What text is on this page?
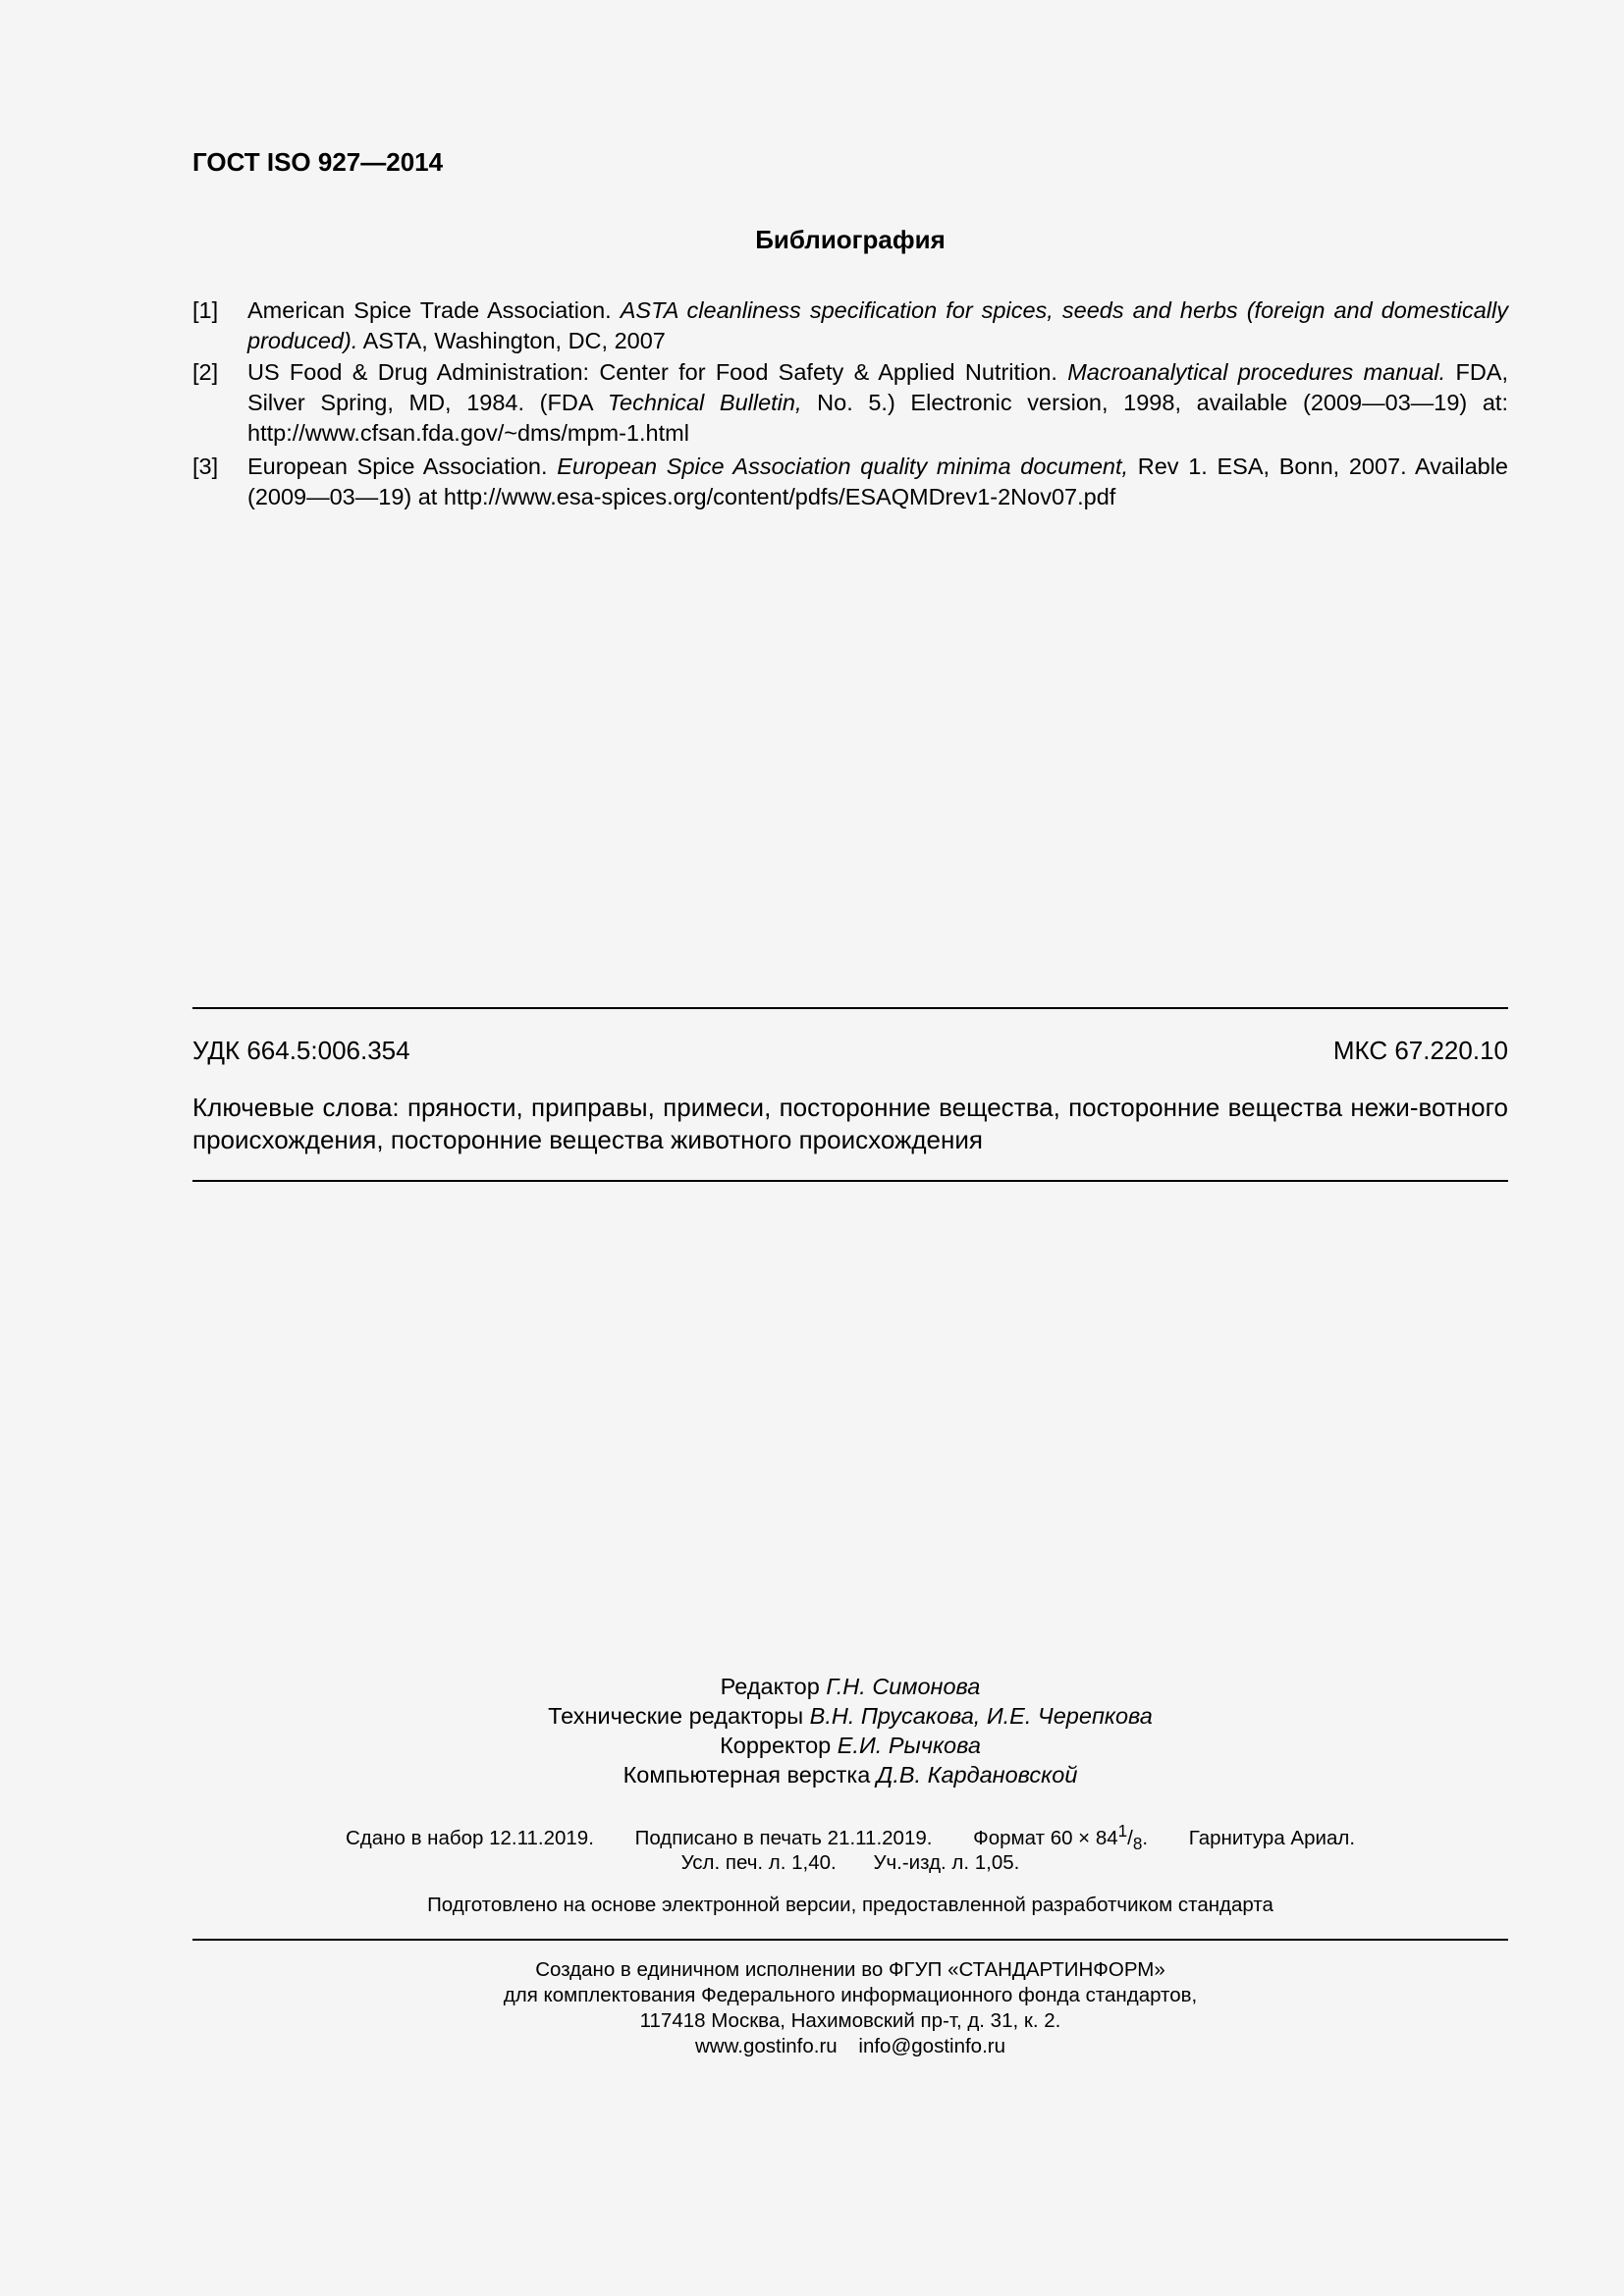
ГОСТ ISO 927—2014
Библиография
[1]	American Spice Trade Association. ASTA cleanliness specification for spices, seeds and herbs (foreign and domestically produced). ASTA, Washington, DC, 2007
[2]	US Food & Drug Administration: Center for Food Safety & Applied Nutrition. Macroanalytical procedures manual. FDA, Silver Spring, MD, 1984. (FDA Technical Bulletin, No. 5.) Electronic version, 1998, available (2009—03—19) at: http://www.cfsan.fda.gov/~dms/mpm-1.html
[3]	European Spice Association. European Spice Association quality minima document, Rev 1. ESA, Bonn, 2007. Available (2009—03—19) at http://www.esa-spices.org/content/pdfs/ESAQMDrev1-2Nov07.pdf
УДК 664.5:006.354	МКС 67.220.10
Ключевые слова: пряности, приправы, примеси, посторонние вещества, посторонние вещества нежи-вотного происхождения, посторонние вещества животного происхождения
Редактор Г.Н. Симонова
Технические редакторы В.Н. Прусакова, И.Е. Черепкова
Корректор Е.И. Рычкова
Компьютерная верстка Д.В. Кардановской
Сдано в набор 12.11.2019. Подписано в печать 21.11.2019. Формат $60 \times 84^1/_8$. Гарнитура Ариал.
Усл. печ. л. 1,40. Уч.-изд. л. 1,05.
Подготовлено на основе электронной версии, предоставленной разработчиком стандарта
Создано в единичном исполнении во ФГУП «СТАНДАРТИНФОРМ»
для комплектования Федерального информационного фонда стандартов,
117418 Москва, Нахимовский пр-т, д. 31, к. 2.
www.gostinfo.ru info@gostinfo.ru
